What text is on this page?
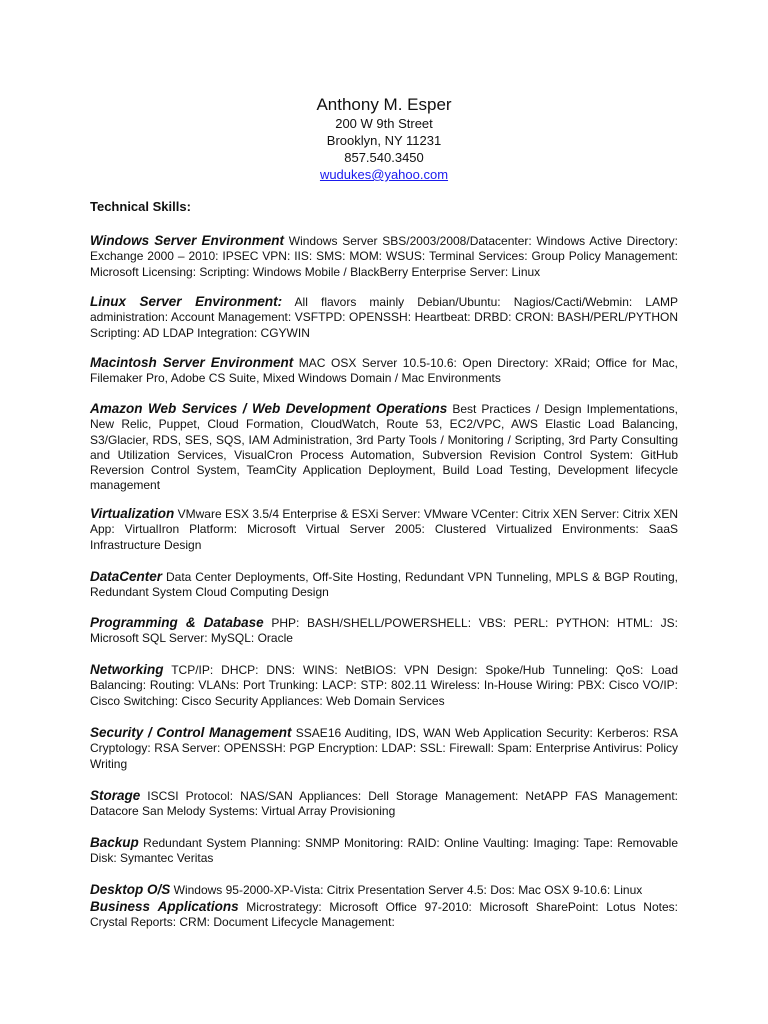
Anthony M. Esper
200 W 9th Street
Brooklyn, NY 11231
857.540.3450
wudukes@yahoo.com
Technical Skills:
Windows Server Environment Windows Server SBS/2003/2008/Datacenter: Windows Active Directory: Exchange 2000 – 2010: IPSEC VPN: IIS: SMS: MOM: WSUS: Terminal Services: Group Policy Management: Microsoft Licensing: Scripting: Windows Mobile / BlackBerry Enterprise Server: Linux
Linux Server Environment: All flavors mainly Debian/Ubuntu: Nagios/Cacti/Webmin: LAMP administration: Account Management: VSFTPD: OPENSSH: Heartbeat: DRBD: CRON: BASH/PERL/PYTHON Scripting: AD LDAP Integration: CGYWIN
Macintosh Server Environment MAC OSX Server 10.5-10.6: Open Directory: XRaid; Office for Mac, Filemaker Pro, Adobe CS Suite, Mixed Windows Domain / Mac Environments
Amazon Web Services / Web Development Operations Best Practices / Design Implementations, New Relic, Puppet, Cloud Formation, CloudWatch, Route 53, EC2/VPC, AWS Elastic Load Balancing, S3/Glacier, RDS, SES, SQS, IAM Administration, 3rd Party Tools / Monitoring / Scripting, 3rd Party Consulting and Utilization Services, VisualCron Process Automation, Subversion Revision Control System: GitHub Reversion Control System, TeamCity Application Deployment, Build Load Testing, Development lifecycle management
Virtualization VMware ESX 3.5/4 Enterprise & ESXi Server: VMware VCenter: Citrix XEN Server: Citrix XEN App: VirtualIron Platform: Microsoft Virtual Server 2005: Clustered Virtualized Environments: SaaS Infrastructure Design
DataCenter Data Center Deployments, Off-Site Hosting, Redundant VPN Tunneling, MPLS & BGP Routing, Redundant System Cloud Computing Design
Programming & Database PHP: BASH/SHELL/POWERSHELL: VBS: PERL: PYTHON: HTML: JS: Microsoft SQL Server: MySQL: Oracle
Networking TCP/IP: DHCP: DNS: WINS: NetBIOS: VPN Design: Spoke/Hub Tunneling: QoS: Load Balancing: Routing: VLANs: Port Trunking: LACP: STP: 802.11 Wireless: In-House Wiring: PBX: Cisco VO/IP: Cisco Switching: Cisco Security Appliances: Web Domain Services
Security / Control Management SSAE16 Auditing, IDS, WAN Web Application Security: Kerberos: RSA Cryptology: RSA Server: OPENSSH: PGP Encryption: LDAP: SSL: Firewall: Spam: Enterprise Antivirus: Policy Writing
Storage ISCSI Protocol: NAS/SAN Appliances: Dell Storage Management: NetAPP FAS Management: Datacore San Melody Systems: Virtual Array Provisioning
Backup Redundant System Planning: SNMP Monitoring: RAID: Online Vaulting: Imaging: Tape: Removable Disk: Symantec Veritas
Desktop O/S Windows 95-2000-XP-Vista: Citrix Presentation Server 4.5: Dos: Mac OSX 9-10.6: Linux
Business Applications Microstrategy: Microsoft Office 97-2010: Microsoft SharePoint: Lotus Notes: Crystal Reports: CRM: Document Lifecycle Management:
